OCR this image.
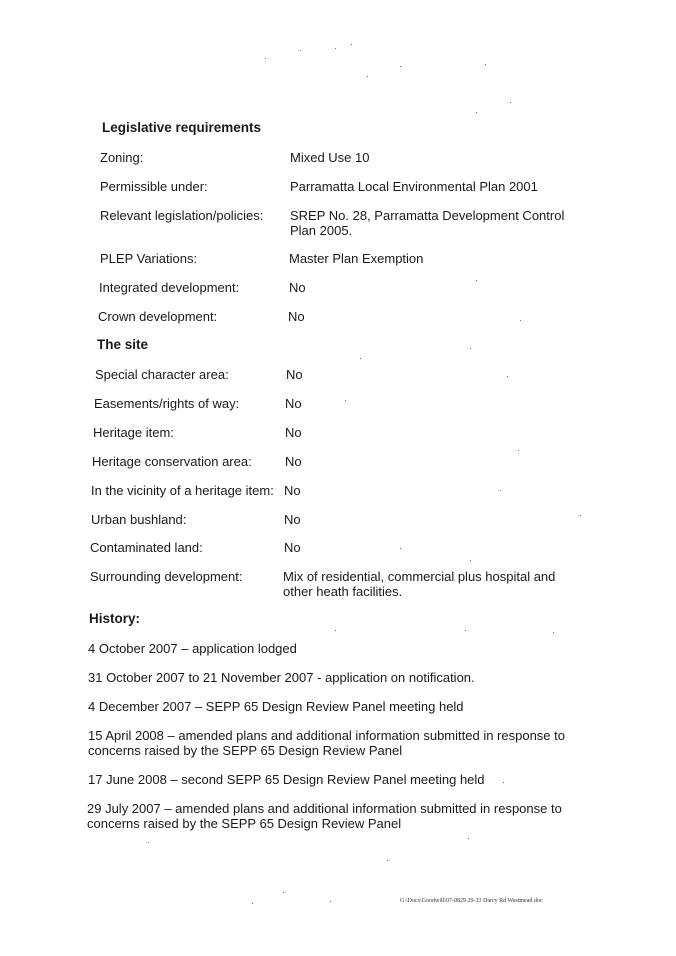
Legislative requirements
Zoning:	Mixed Use 10
Permissible under:	Parramatta Local Environmental Plan 2001
Relevant legislation/policies: SREP No. 28, Parramatta Development Control Plan 2005.
PLEP Variations:	Master Plan Exemption
Integrated development:	No
Crown development:	No
The site
Special character area:	No
Easements/rights of way:	No
Heritage item:	No
Heritage conservation area:	No
In the vicinity of a heritage item: No
Urban bushland:	No
Contaminated land:	No
Surrounding development:	Mix of residential, commercial plus hospital and other heath facilities.
History:
4 October 2007 – application lodged
31 October 2007 to 21 November 2007 - application on notification.
4 December 2007 – SEPP 65 Design Review Panel meeting held
15 April 2008 – amended plans and additional information submitted in response to concerns raised by the SEPP 65 Design Review Panel
17 June 2008 – second SEPP 65 Design Review Panel meeting held
29 July 2007 – amended plans and additional information submitted in response to concerns raised by the SEPP 65 Design Review Panel
G:\Docs\Goodwill\07-0829 29-33 Darcy Rd Westmead.doc
